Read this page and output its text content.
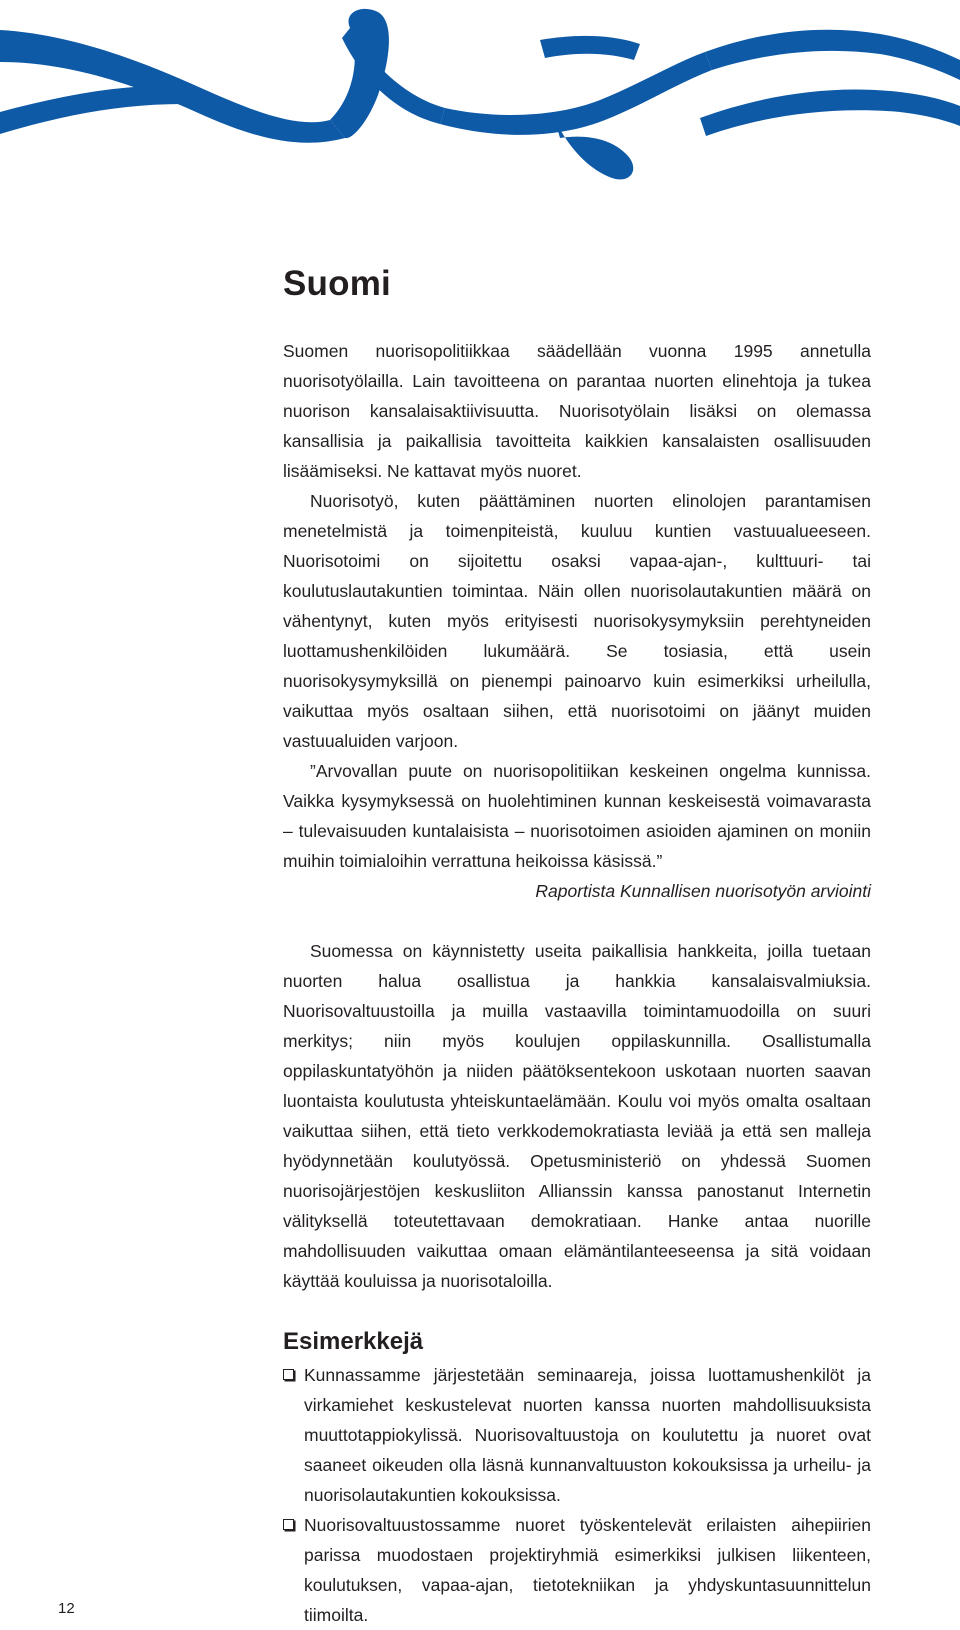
Suomi

Suomen nuorisopolitiikkaa säädellään vuonna 1995 annetulla nuorisotyölailla. Lain tavoitteena on parantaa nuorten elinehtoja ja tukea nuorison kansalaisaktiivisuutta. Nuorisotyölain lisäksi on olemassa kansallisia ja paikallisia tavoitteita kaikkien kansalaisten osallisuuden lisäämiseksi. Ne kattavat myös nuoret.

Nuorisotyö, kuten päättäminen nuorten elinolojen parantamisen menetelmistä ja toimenpiteistä, kuuluu kuntien vastuualueeseen. Nuorisotoimi on sijoitettu osaksi vapaa-ajan-, kulttuuri- tai koulutuslautakuntien toimintaa. Näin ollen nuorisolautakuntien määrä on vähentynyt, kuten myös erityisesti nuorisokysymyksiin perehtyneiden luottamushenkilöiden lukumäärä. Se tosiasia, että usein nuorisokysymyksillä on pienempi painoarvo kuin esimerkiksi urheilulla, vaikuttaa myös osaltaan siihen, että nuorisotoimi on jäänyt muiden vastuualuiden varjoon.

”Arvovallan puute on nuorisopolitiikan keskeinen ongelma kunnissa. Vaikka kysymyksessä on huolehtiminen kunnan keskeisestä voimavarasta – tulevaisuuden kuntalaisista – nuorisotoimen asioiden ajaminen on moniin muihin toimialoihin verrattuna heikoissa käsissä.”

Raportista Kunnallisen nuorisotyön arviointi

Suomessa on käynnistetty useita paikallisia hankkeita, joilla tuetaan nuorten halua osallistua ja hankkia kansalaisvalmiuksia. Nuorisovaltuustoilla ja muilla vastaavilla toimintamuodoilla on suuri merkitys; niin myös koulujen oppilaskunnilla. Osallistumalla oppilaskuntatyöhön ja niiden päätöksentekoon uskotaan nuorten saavan luontaista koulutusta yhteiskuntaelämään. Koulu voi myös omalta osaltaan vaikuttaa siihen, että tieto verkkodemokratiasta leviää ja että sen malleja hyödynnetään koulutyössä. Opetusministeriö on yhdessä Suomen nuorisojärjestöjen keskusliiton Allianssin kanssa panostanut Internetin välityksellä toteutettavaan demokratiaan. Hanke antaa nuorille mahdollisuuden vaikuttaa omaan elämäntilanteeseensa ja sitä voidaan käyttää kouluissa ja nuorisotaloilla.

Esimerkkejä
Kunnassamme järjestetään seminaareja, joissa luottamushenkilöt ja virkamiehet keskustelevat nuorten kanssa nuorten mahdollisuuksista muuttotappiokylissä. Nuorisovaltuustoja on koulutettu ja nuoret ovat saaneet oikeuden olla läsnä kunnanvaltuuston kokouksissa ja urheilu- ja nuorisolautakuntien kokouksissa.
Nuorisovaltuustossamme nuoret työskentelevät erilaisten aihepiirien parissa muodostaen projektiryhmiä esimerkiksi julkisen liikenteen, koulutuksen, vapaa-ajan, tietotekniikan ja yhdyskuntasuunnittelun tiimoilta.
12
